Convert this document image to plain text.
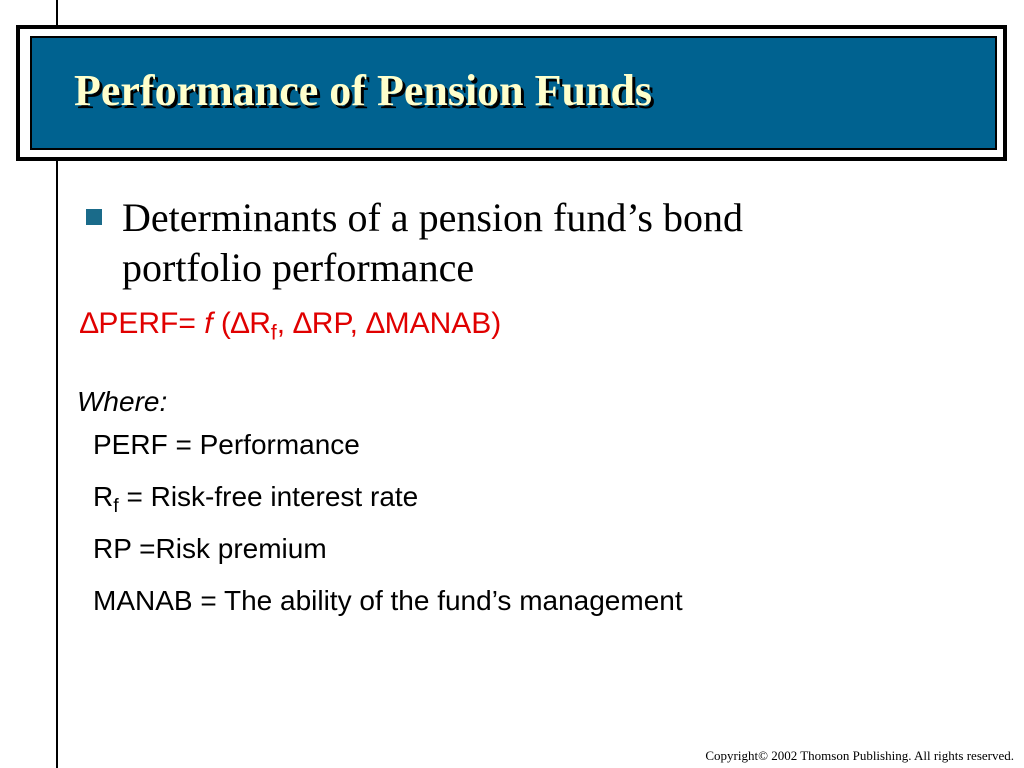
Performance of Pension Funds
Determinants of a pension fund’s bond portfolio performance
∆PERF= f ($\Delta R_f$, ∆RP, ∆MANAB)
Where:
PERF = Performance
$R_f$ = Risk-free interest rate
RP =Risk premium
MANAB = The ability of the fund’s management
Copyright© 2002 Thomson Publishing. All rights reserved.
